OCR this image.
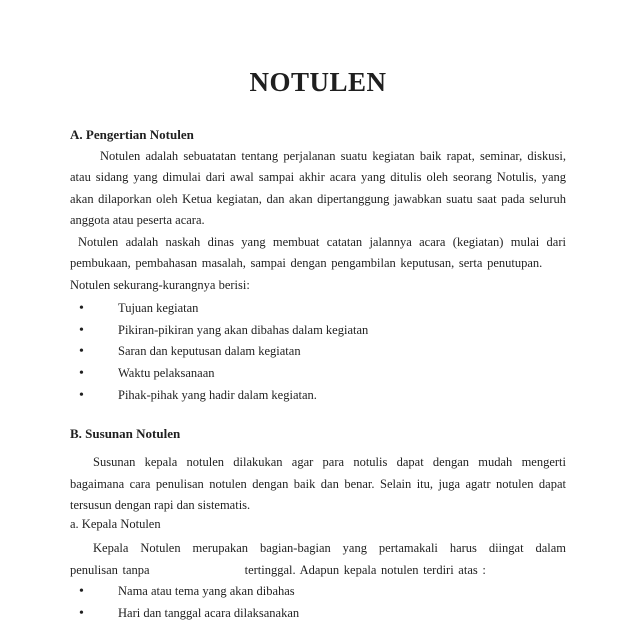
NOTULEN
A. Pengertian Notulen
Notulen adalah sebuatatan tentang perjalanan suatu kegiatan baik rapat, seminar, diskusi,
atau sidang yang dimulai dari awal sampai akhir acara yang ditulis oleh seorang Notulis, yang
akan dilaporkan oleh Ketua kegiatan, dan akan dipertanggung jawabkan suatu saat pada seluruh
anggota atau peserta acara.
Notulen adalah naskah dinas yang membuat catatan jalannya acara (kegiatan) mulai dari
pembukaan, pembahasan masalah, sampai dengan pengambilan keputusan, serta penutupan.
Notulen sekurang-kurangnya berisi:
•	Tujuan kegiatan
•	Pikiran-pikiran yang akan dibahas dalam kegiatan
•	Saran dan keputusan dalam kegiatan
•	Waktu pelaksanaan
•	Pihak-pihak yang hadir dalam kegiatan.
B. Susunan Notulen
Susunan kepala notulen dilakukan agar para notulis dapat dengan mudah mengerti
bagaimana cara penulisan notulen dengan baik dan benar. Selain itu, juga agatr notulen dapat
tersusun dengan rapi dan sistematis.
a. Kepala Notulen
Kepala Notulen merupakan bagian-bagian yang pertamakali harus diingat dalam
penulisan tanpa	tertinggal. Adapun kepala notulen terdiri atas :
•	Nama atau tema yang akan dibahas
•	Hari dan tanggal acara dilaksanakan
